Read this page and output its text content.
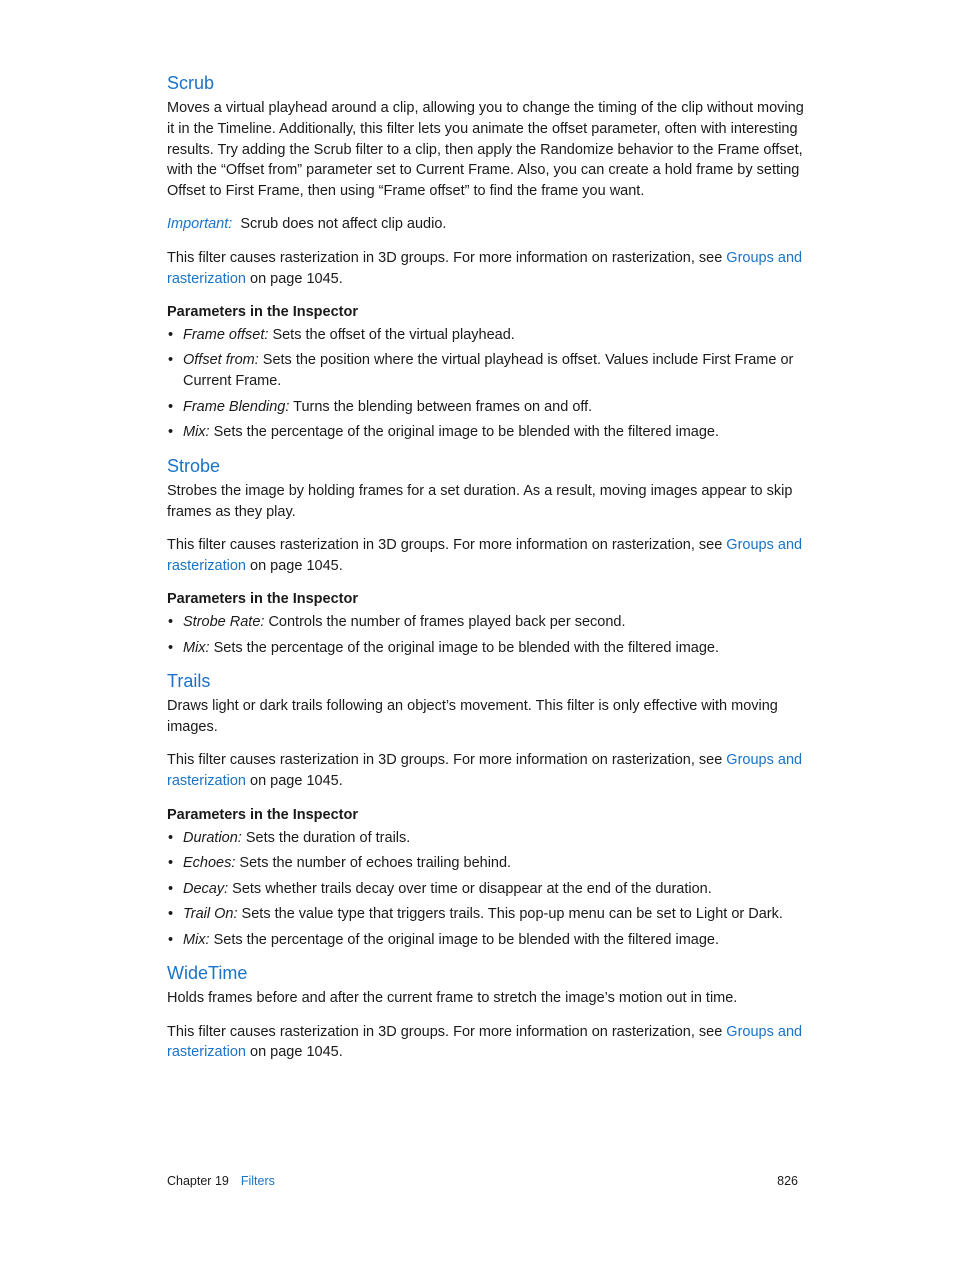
Scrub

Moves a virtual playhead around a clip, allowing you to change the timing of the clip without moving it in the Timeline. Additionally, this filter lets you animate the offset parameter, often with interesting results. Try adding the Scrub filter to a clip, then apply the Randomize behavior to the Frame offset, with the “Offset from” parameter set to Current Frame. Also, you can create a hold frame by setting Offset to First Frame, then using “Frame offset” to find the frame you want.

Important: Scrub does not affect clip audio.

This filter causes rasterization in 3D groups. For more information on rasterization, see Groups and rasterization on page 1045.

Parameters in the Inspector
• Frame offset: Sets the offset of the virtual playhead.
• Offset from: Sets the position where the virtual playhead is offset. Values include First Frame or Current Frame.
• Frame Blending: Turns the blending between frames on and off.
• Mix: Sets the percentage of the original image to be blended with the filtered image.
Strobe

Strobes the image by holding frames for a set duration. As a result, moving images appear to skip frames as they play.

This filter causes rasterization in 3D groups. For more information on rasterization, see Groups and rasterization on page 1045.

Parameters in the Inspector
• Strobe Rate: Controls the number of frames played back per second.
• Mix: Sets the percentage of the original image to be blended with the filtered image.
Trails

Draws light or dark trails following an object’s movement. This filter is only effective with moving images.

This filter causes rasterization in 3D groups. For more information on rasterization, see Groups and rasterization on page 1045.

Parameters in the Inspector
• Duration: Sets the duration of trails.
• Echoes: Sets the number of echoes trailing behind.
• Decay: Sets whether trails decay over time or disappear at the end of the duration.
• Trail On: Sets the value type that triggers trails. This pop-up menu can be set to Light or Dark.
• Mix: Sets the percentage of the original image to be blended with the filtered image.
WideTime

Holds frames before and after the current frame to stretch the image’s motion out in time.

This filter causes rasterization in 3D groups. For more information on rasterization, see Groups and rasterization on page 1045.

Chapter 19 Filters	826
